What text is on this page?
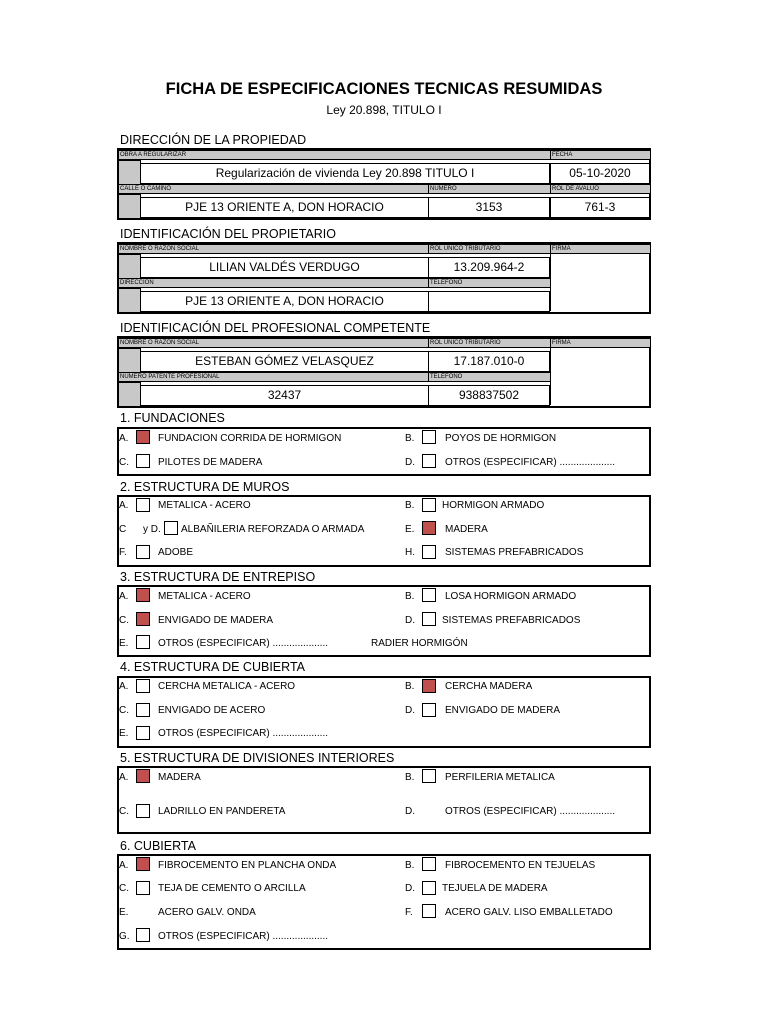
FICHA DE ESPECIFICACIONES TECNICAS RESUMIDAS
Ley 20.898, TITULO I
DIRECCIÓN DE LA PROPIEDAD
OBRA A REGULARIZAR	FECHA
Regularización de vivienda Ley 20.898 TITULO I	05-10-2020
CALLE O CAMINO	NUMERO	ROL DE AVALUO
PJE 13 ORIENTE A, DON HORACIO	3153	761-3
IDENTIFICACIÓN DEL PROPIETARIO
NOMBRE O RAZÓN SOCIAL	ROL ÚNICO TRIBUTARIO	FIRMA
LILIAN VALDÉS VERDUGO	13.209.964-2
DIRECCION	TELEFONO
PJE 13 ORIENTE A, DON HORACIO
IDENTIFICACIÓN DEL PROFESIONAL COMPETENTE
NOMBRE O RAZÓN SOCIAL	ROL ÚNICO TRIBUTARIO	FIRMA
ESTEBAN GÓMEZ VELASQUEZ	17.187.010-0
NUMERO PATENTE PROFESIONAL	TELEFONO
32437	938837502
1. FUNDACIONES
A.	FUNDACION CORRIDA DE HORMIGON	B.	POYOS DE HORMIGON
C.	PILOTES DE MADERA	D.	OTROS (ESPECIFICAR) ....................
2. ESTRUCTURA DE MUROS
A.	METALICA - ACERO	B.	HORMIGON ARMADO
C y D. ALBAÑILERIA REFORZADA O ARMADA	E.	MADERA
F.	ADOBE	H.	SISTEMAS PREFABRICADOS
3. ESTRUCTURA DE ENTREPISO
A.	METALICA - ACERO	B.	LOSA HORMIGON ARMADO
C.	ENVIGADO DE MADERA	D.	SISTEMAS PREFABRICADOS
E.	OTROS (ESPECIFICAR) ....................	RADIER HORMIGÓN
4. ESTRUCTURA DE CUBIERTA
A.	CERCHA METALICA - ACERO	B.	CERCHA MADERA
C.	ENVIGADO DE ACERO	D.	ENVIGADO DE MADERA
E.	OTROS (ESPECIFICAR) ....................
5. ESTRUCTURA DE DIVISIONES INTERIORES
A.	MADERA	B.	PERFILERIA METALICA
C.	LADRILLO EN PANDERETA	D.	OTROS (ESPECIFICAR) ....................
6. CUBIERTA
A.	FIBROCEMENTO EN PLANCHA ONDA	B.	FIBROCEMENTO EN TEJUELAS
C.	TEJA DE CEMENTO O ARCILLA	D.	TEJUELA DE MADERA
E.	ACERO GALV. ONDA	F.	ACERO GALV. LISO EMBALLETADO
G.	OTROS (ESPECIFICAR) ....................
